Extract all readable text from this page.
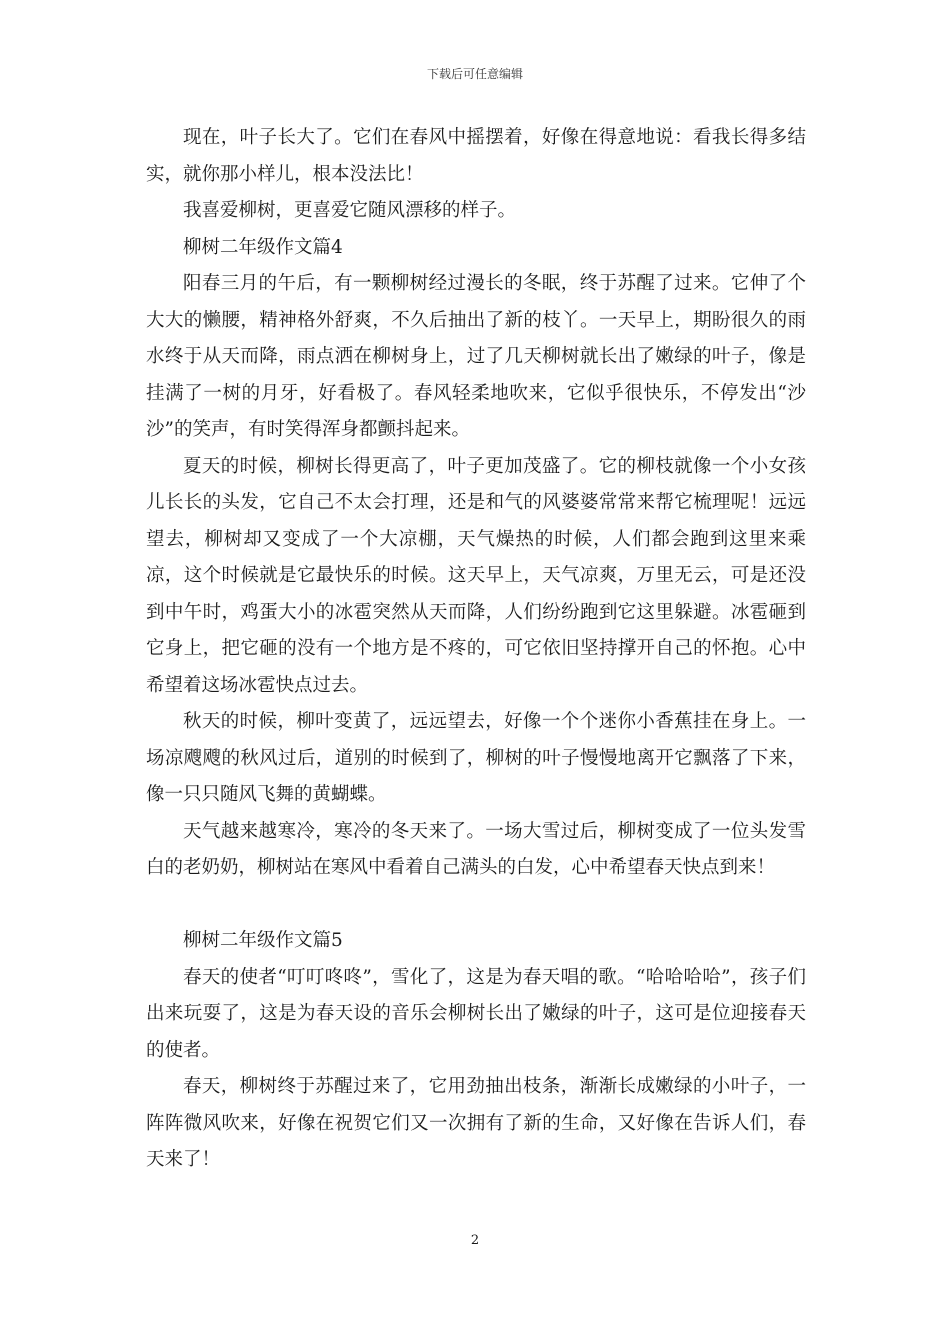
下载后可任意编辑

现在，叶子长大了。它们在春风中摇摆着，好像在得意地说：看我长得多结实，就你那小样儿，根本没法比！

我喜爱柳树，更喜爱它随风漂移的样子。

柳树二年级作文篇4

阳春三月的午后，有一颗柳树经过漫长的冬眠，终于苏醒了过来。它伸了个大大的懒腰，精神格外舒爽，不久后抽出了新的枝丫。一天早上，期盼很久的雨水终于从天而降，雨点洒在柳树身上，过了几天柳树就长出了嫩绿的叶子，像是挂满了一树的月牙，好看极了。春风轻柔地吹来，它似乎很快乐，不停发出“沙沙”的笑声，有时笑得浑身都颤抖起来。

夏天的时候，柳树长得更高了，叶子更加茂盛了。它的柳枝就像一个小女孩儿长长的头发，它自己不太会打理，还是和气的风婆婆常常来帮它梳理呢！远远望去，柳树却又变成了一个大凉棚，天气燥热的时候，人们都会跑到这里来乘凉，这个时候就是它最快乐的时候。这天早上，天气凉爽，万里无云，可是还没到中午时，鸡蛋大小的冰雹突然从天而降，人们纷纷跑到它这里躲避。冰雹砸到它身上，把它砸的没有一个地方是不疼的，可它依旧坚持撑开自己的怀抱。心中希望着这场冰雹快点过去。

秋天的时候，柳叶变黄了，远远望去，好像一个个迷你小香蕉挂在身上。一场凉飕飕的秋风过后，道别的时候到了，柳树的叶子慢慢地离开它飘落了下来，像一只只随风飞舞的黄蝴蝶。

天气越来越寒冷，寒冷的冬天来了。一场大雪过后，柳树变成了一位头发雪白的老奶奶，柳树站在寒风中看着自己满头的白发，心中希望春天快点到来！

柳树二年级作文篇5

春天的使者“叮叮咚咚”，雪化了，这是为春天唱的歌。“哈哈哈哈”，孩子们出来玩耍了，这是为春天设的音乐会柳树长出了嫩绿的叶子，这可是位迎接春天的使者。

春天，柳树终于苏醒过来了，它用劲抽出枝条，渐渐长成嫩绿的小叶子，一阵阵微风吹来，好像在祝贺它们又一次拥有了新的生命，又好像在告诉人们，春天来了！

2
